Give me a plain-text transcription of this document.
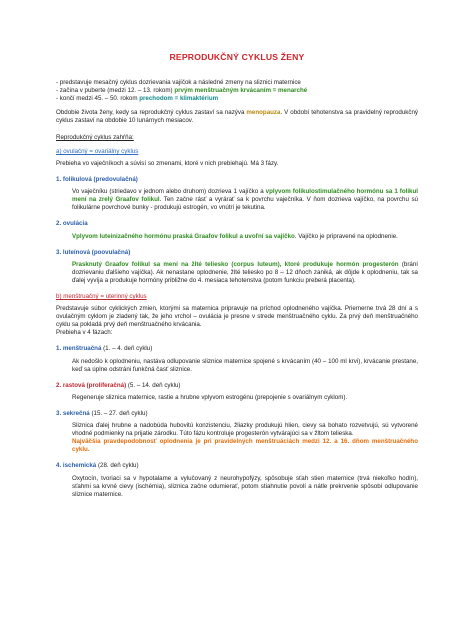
REPRODUKČNÝ CYKLUS ŽENY
- predstavuje mesačný cyklus dozrievania vajíčok a následné zmeny na sliznici maternice
- začína v puberte (medzi 12. – 13. rokom) prvým menštruačným krvácaním = menarché
- končí medzi 45. – 50. rokom prechodom = klimaktérium

Obdobie života ženy, kedy sa reprodukčný cyklus zastaví sa nazýva menopauza. V období tehotenstva sa pravidelný reprodukčný cyklus zastaví na obdobie 10 lunárnych mesiacov.

Reprodukčný cyklus zahŕňa:

a) ovulačný = ovariálny cyklus

Prebieha vo vaječníkoch a súvisí so zmenami, ktoré v nich prebiehajú. Má 3 fázy.

1. folikulová (predovulačná)

Vo vaječníku (striedavo v jednom alebo druhom) dozrieva 1 vajíčko a vplyvom folikulostimulačného hormónu sa 1 folikul mení na zrelý Graafov folikul. Ten začne rásť a vyrárať sa k povrchu vaječníka. V ňom dozrieva vajíčko, na povrchu sú folikulárne povrchové bunky - produkujú estrogén, vo vnútri je tekutina.

2. ovulácia

Vplyvom luteinizačného hormónu praská Graafov folikul a uvoľní sa vajíčko. Vajíčko je pripravené na oplodnenie.

3. luteínová (poovulačná)

Prasknutý Graafov folikul sa mení na žlté teliesko (corpus luteum), ktoré produkuje hormón progesterón (brání dozrievaniu ďalšieho vajíčka). Ak nenastane oplodnenie, žlté teliesko po 8 – 12 dňoch zaniká, ak dôjde k oplodneniu, tak sa ďalej vyvíja a produkuje hormóny približne do 4. mesiaca tehotenstva (potom funkciu preberá placenta).

b) menštruačný = uterinný cyklus

Predstavuje súbor cyklických zmien, ktorými sa maternica pripravuje na príchod oplodneného vajíčka. Priemerne trvá 28 dní a s ovulačným cyklom je zladený tak, že jeho vrchol – ovulácia je presne v strede menštruačného cyklu. Za prvý deň menštruačného cyklu sa pokladá prvý deň menštruačného krvácania.

Prebieha v 4 fázach:

1. menštruačná (1. – 4. deň cyklu)

Ak nedošlo k oplodneniu, nastáva odlupovanie sliznice maternice spojené s krvácaním (40 – 100 ml krvi), krvácanie prestane, keď sa úplne odstráni funkčná časť sliznice.

2. rastová (proliferačná) (5. – 14. deň cyklu)

Regeneruje sliznica maternice, rastie a hrubne vplyvom estrogénu (prepojenie s ovariálnym cyklom).

3. sekrečná (15. – 27. deň cyklu)

Sliznica ďalej hrubne a nadobúda hubovitú konzistenciu, žliazky produkujú hlien, cievy sa bohato rozvetvujú, sú vytvorené vhodné podmienky na prijatie zárodku. Túto fázu kontroluje progesterón vytvárajúci sa v žltom telieska.

Najväčšia pravdepodobnosť oplodnenia je pri pravidelných menštruáciách medzi 12. a 16. dňom menštruačného cyklu.

4. ischemická (28. deň cyklu)

Oxytocín, tvoriaci sa v hypotalame a vylučovaný z neurohypofýzy, spôsobuje sťah stien maternice (trvá niekoľko hodín), sťahmi sa krvné cievy (ischémia), sliznica začne odumierať, potom stiahnutie povolí a nátle prekrvenie spôsobí odlupovanie sliznice maternice.
